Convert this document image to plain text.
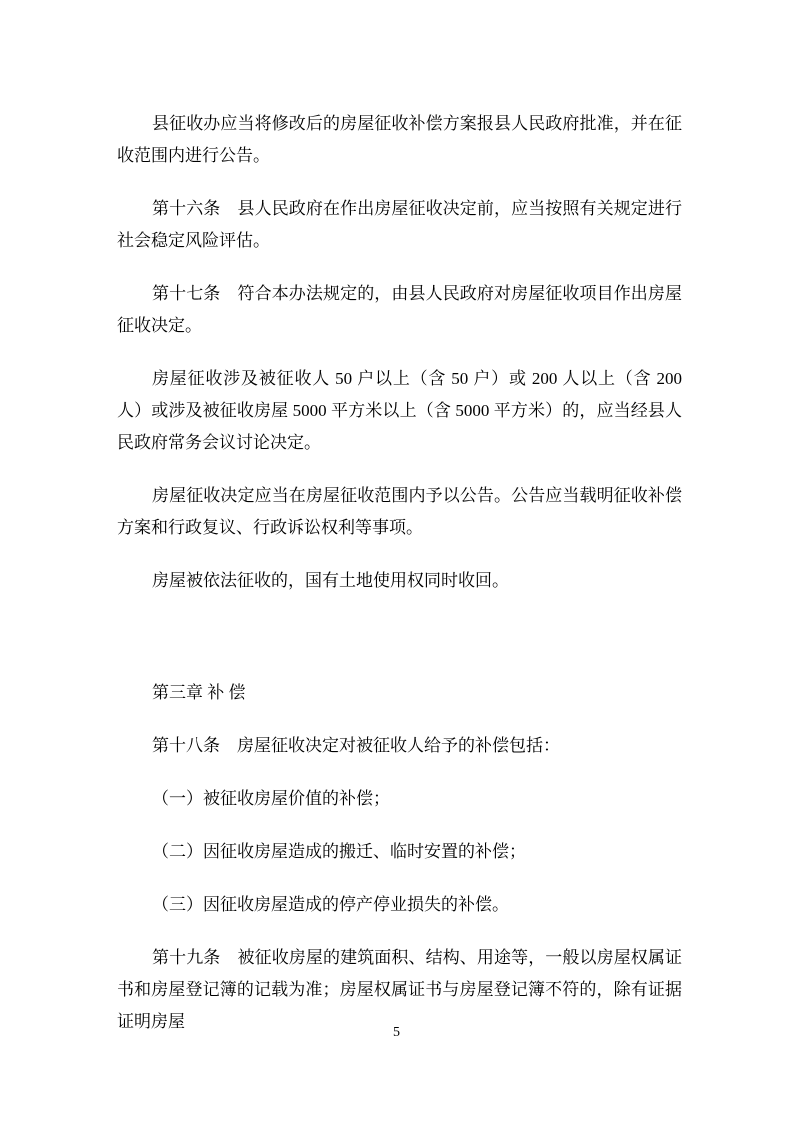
县征收办应当将修改后的房屋征收补偿方案报县人民政府批准，并在征收范围内进行公告。

第十六条　县人民政府在作出房屋征收决定前，应当按照有关规定进行社会稳定风险评估。

第十七条　符合本办法规定的，由县人民政府对房屋征收项目作出房屋征收决定。

房屋征收涉及被征收人 50 户以上（含 50 户）或 200 人以上（含 200 人）或涉及被征收房屋 5000 平方米以上（含 5000 平方米）的，应当经县人民政府常务会议讨论决定。

房屋征收决定应当在房屋征收范围内予以公告。公告应当载明征收补偿方案和行政复议、行政诉讼权利等事项。

房屋被依法征收的，国有土地使用权同时收回。

第三章 补 偿

第十八条　房屋征收决定对被征收人给予的补偿包括：

（一）被征收房屋价值的补偿；

（二）因征收房屋造成的搬迁、临时安置的补偿；

（三）因征收房屋造成的停产停业损失的补偿。

第十九条　被征收房屋的建筑面积、结构、用途等，一般以房屋权属证书和房屋登记簿的记载为准；房屋权属证书与房屋登记簿不符的，除有证据证明房屋

5
